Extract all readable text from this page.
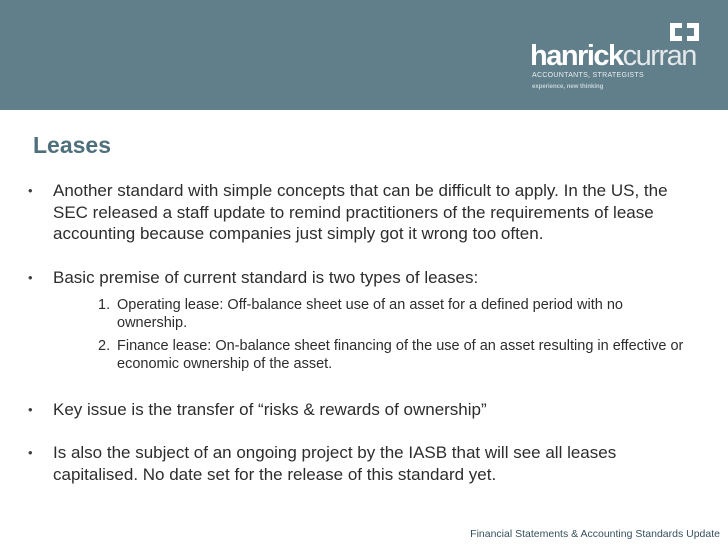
hanrickcurran
ACCOUNTANTS, STRATEGISTS
experience, new thinking
Leases
• Another standard with simple concepts that can be difficult to apply. In the US, the SEC released a staff update to remind practitioners of the requirements of lease accounting because companies just simply got it wrong too often.
• Basic premise of current standard is two types of leases:
1. Operating lease: Off-balance sheet use of an asset for a defined period with no ownership.
2. Finance lease: On-balance sheet financing of the use of an asset resulting in effective or economic ownership of the asset.
• Key issue is the transfer of “risks & rewards of ownership”
• Is also the subject of an ongoing project by the IASB that will see all leases capitalised. No date set for the release of this standard yet.
Financial Statements & Accounting Standards Update
